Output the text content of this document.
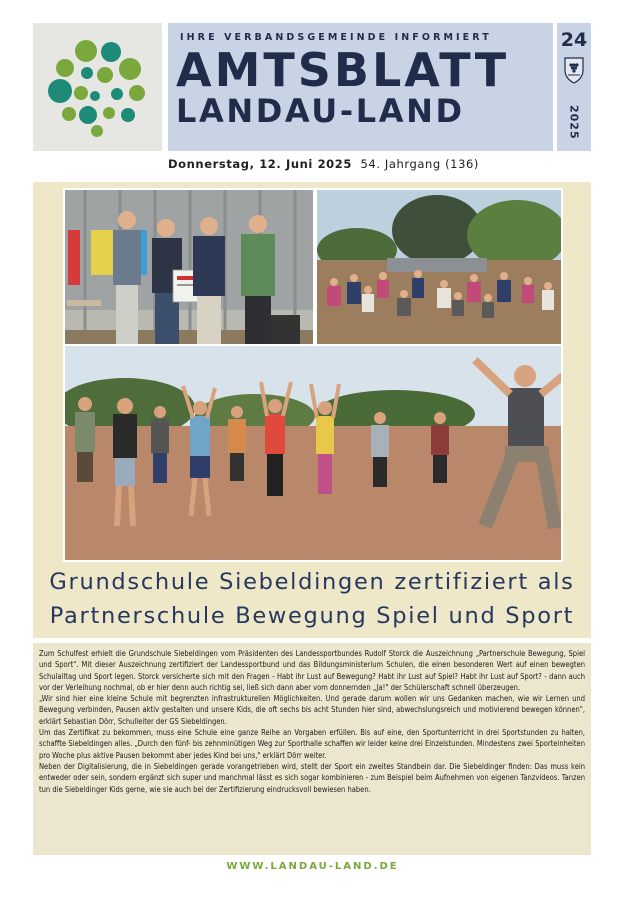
IHRE VERBANDSGEMEINDE INFORMIERT
AMTSBLATT
LANDAU-LAND
24
2025
Donnerstag, 12. Juni 2025 54. Jahrgang (136)
Grundschule Siebeldingen zertifiziert als
Partnerschule Bewegung Spiel und Sport

Zum Schulfest erhielt die Grundschule Siebeldingen vom Präsidenten des Landessportbundes Rudolf Storck die Auszeichnung „Partnerschule Bewegung, Spiel und Sport". Mit dieser Auszeichnung zertifiziert der Landessportbund und das Bildungsministerium Schulen, die einen besonderen Wert auf einen bewegten Schulalltag und Sport legen. Storck versicherte sich mit den Fragen - Habt ihr Lust auf Bewegung? Habt ihr Lust auf Spiel? Habt ihr Lust auf Sport? - dann auch vor der Verleihung nochmal, ob er hier denn auch richtig sei, ließ sich dann aber vom donnernden „Ja!" der Schülerschaft schnell überzeugen.

„Wir sind hier eine kleine Schule mit begrenzten infrastrukturellen Möglichkeiten. Und gerade darum wollen wir uns Gedanken machen, wie wir Lernen und Bewegung verbinden, Pausen aktiv gestalten und unsere Kids, die oft sechs bis acht Stunden hier sind, abwechslungsreich und motivierend bewegen können", erklärt Sebastian Dörr, Schulleiter der GS Siebeldingen.

Um das Zertifikat zu bekommen, muss eine Schule eine ganze Reihe an Vorgaben erfüllen. Bis auf eine, den Sportunterricht in drei Sportstunden zu halten, schaffte Siebeldingen alles. „Durch den fünf- bis zehnminütigen Weg zur Sporthalle schaffen wir leider keine drei Einzelstunden. Mindestens zwei Sporteinheiten pro Woche plus aktive Pausen bekommt aber jedes Kind bei uns," erklärt Dörr weiter.

Neben der Digitalisierung, die in Siebeldingen gerade vorangetrieben wird, stellt der Sport ein zweites Standbein dar. Die Siebeldinger finden: Das muss kein entweder oder sein, sondern ergänzt sich super und manchmal lässt es sich sogar kombinieren - zum Beispiel beim Aufnehmen von eigenen Tanzvideos. Tanzen tun die Siebeldinger Kids gerne, wie sie auch bei der Zertifizierung eindrucksvoll bewiesen haben.

WWW.LANDAU-LAND.DE
